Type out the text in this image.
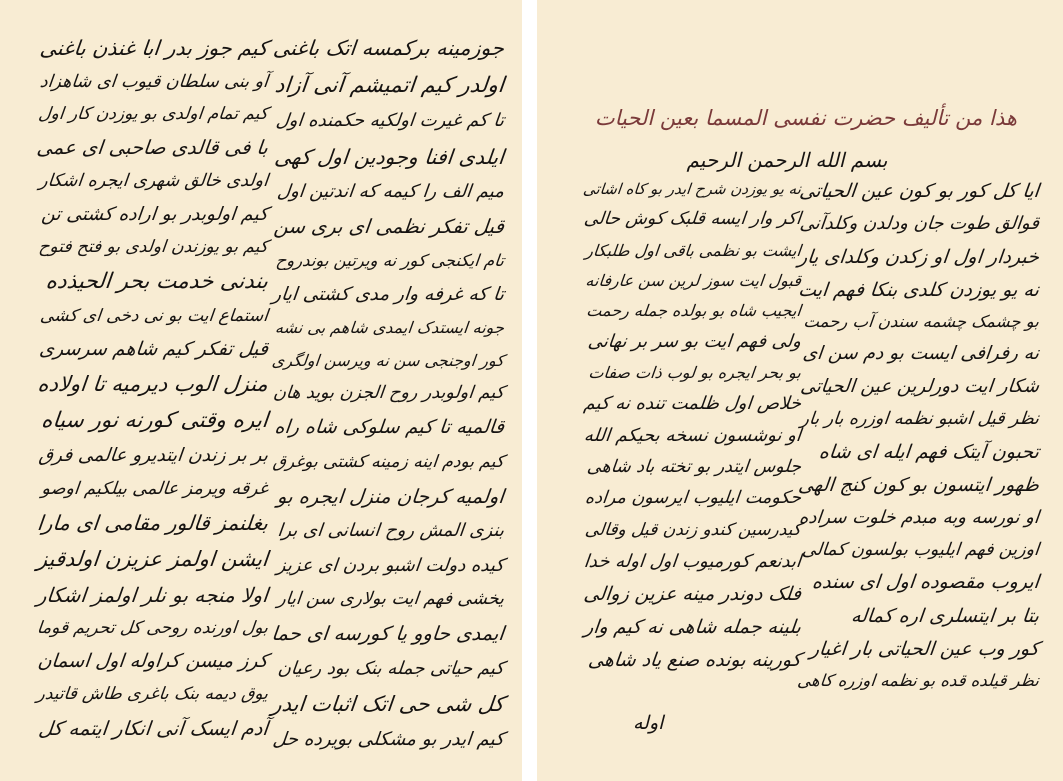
جوزمینه برکمسه اتک باغنی
اولدر کیم اتمیشم آنی آزاد
تا کم غیرت اولکیه حکمنده اول
ایلدی افنا وجودین اول کهی
میم الف را کیمه که اندتین اول
قیل تفکر نظمی ای بری سن
تام ایکنجی کور نه ویرتین بوندروح
تا که غرفه وار مدی کشتی ایار
جونه ایستدک ایمدی شاهم بی نشه
کور اوجنجی سن نه ویرسن اولگری
کیم اولوبدر روح الجزن بوید هان
قالمیه تا کیم سلوکی شاه راه
کیم بودم اینه زمینه کشتی بوغرق
اولمیه کرجان منزل ایجره بو
بنزی المش روح انسانی ای برا
کیده دولت اشبو بردن ای عزیز
یخشی فهم ایت بولاری سن ایار
ایمدی حاوو یا کورسه ای حما
کیم حیاتی جمله بنک بود رعیان
کل شی حی اتک اثبات ایدر
کیم ایدر بو مشکلی بویرده حل
کیم جوز بدر ابا غنذن باغنی
آو بنی سلطان قیوب ای شاهزاد
کیم تمام اولدی بو یوزدن کار اول
با فی قالدی صاحبی ای عمی
اولدی خالق شهری ایجره اشکار
کیم اولوبدر بو اراده کشتی تن
کیم بو یوزندن اولدی بو فتح فتوح
بندنی خدمت بحر الحیذده
استماع ایت بو نی دخی ای کشی
قیل تفکر کیم شاهم سرسری
منزل الوب دیرمیه تا اولاده
ایره وقتی کورنه نور سیاه
بر بر زندن ایتدیرو عالمی فرق
غرقه ویرمز عالمی بیلکیم اوصو
بغلنمز قالور مقامی ای مارا
ایشن اولمز عزیزن اولدقیز
اولا منجه بو نلر اولمز اشکار
بول اورنده روحی کل تحریم قوما
کرز میسن کراوله اول اسمان
یوق دیمه بنک باغری طاش قاتیدر
آدم ایسک آنی انکار ایتمه کل
هذا من تألیف حضرت نفسی المسما بعین الحیات
بسم الله الرحمن الرحیم
ایا کل کور بو کون عین الحیاتی
قوالق طوت جان ودلدن وکلدآنی
خبردار اول او زکدن وکلدای یار
نه یو یوزدن کلدی بنکا فهم ایت
بو چشمک چشمه سندن آب رحمت
نه رفرافی ایست بو دم سن ای
شکار ایت دورلرین عین الحیاتی
نظر قیل اشبو نظمه اوزره بار بار
تحبون آیتک فهم ایله ای شاه
ظهور ایتسون بو کون کنج الهی
او نورسه وبه مبدم خلوت سراده
اوزین فهم ایلیوب بولسون کمالی
ایروب مقصوده اول ای سنده
بتا بر ایتسلری اره کماله
کور وب عین الحیاتی بار اغیار
نظر قیلده قده بو نظمه اوزره کاهی
نه یو یوزدن شرح ایدر بو کاه اشاتی
اکر وار ایسه قلبک کوش حالی
ایشت بو نظمی باقی اول طلبکار
قبول ایت سوز لرین سن عارفانه
ایجیب شاه بو بولده جمله رحمت
ولی فهم ایت بو سر بر نهانی
بو بحر ایجره بو لوب ذات صفات
خلاص اول ظلمت تنده نه کیم
او نوشسون نسخه بحیکم الله
جلوس ایتدر بو تخته باد شاهی
حکومت ایلیوب ایرسون مراده
کیدرسین کندو زندن قیل وقالی
ابدنعم کورمیوب اول اوله خدا
فلک دوندر مینه عزین زوالی
بلینه جمله شاهی نه کیم وار
کورینه بونده صنع یاد شاهی
اوله
